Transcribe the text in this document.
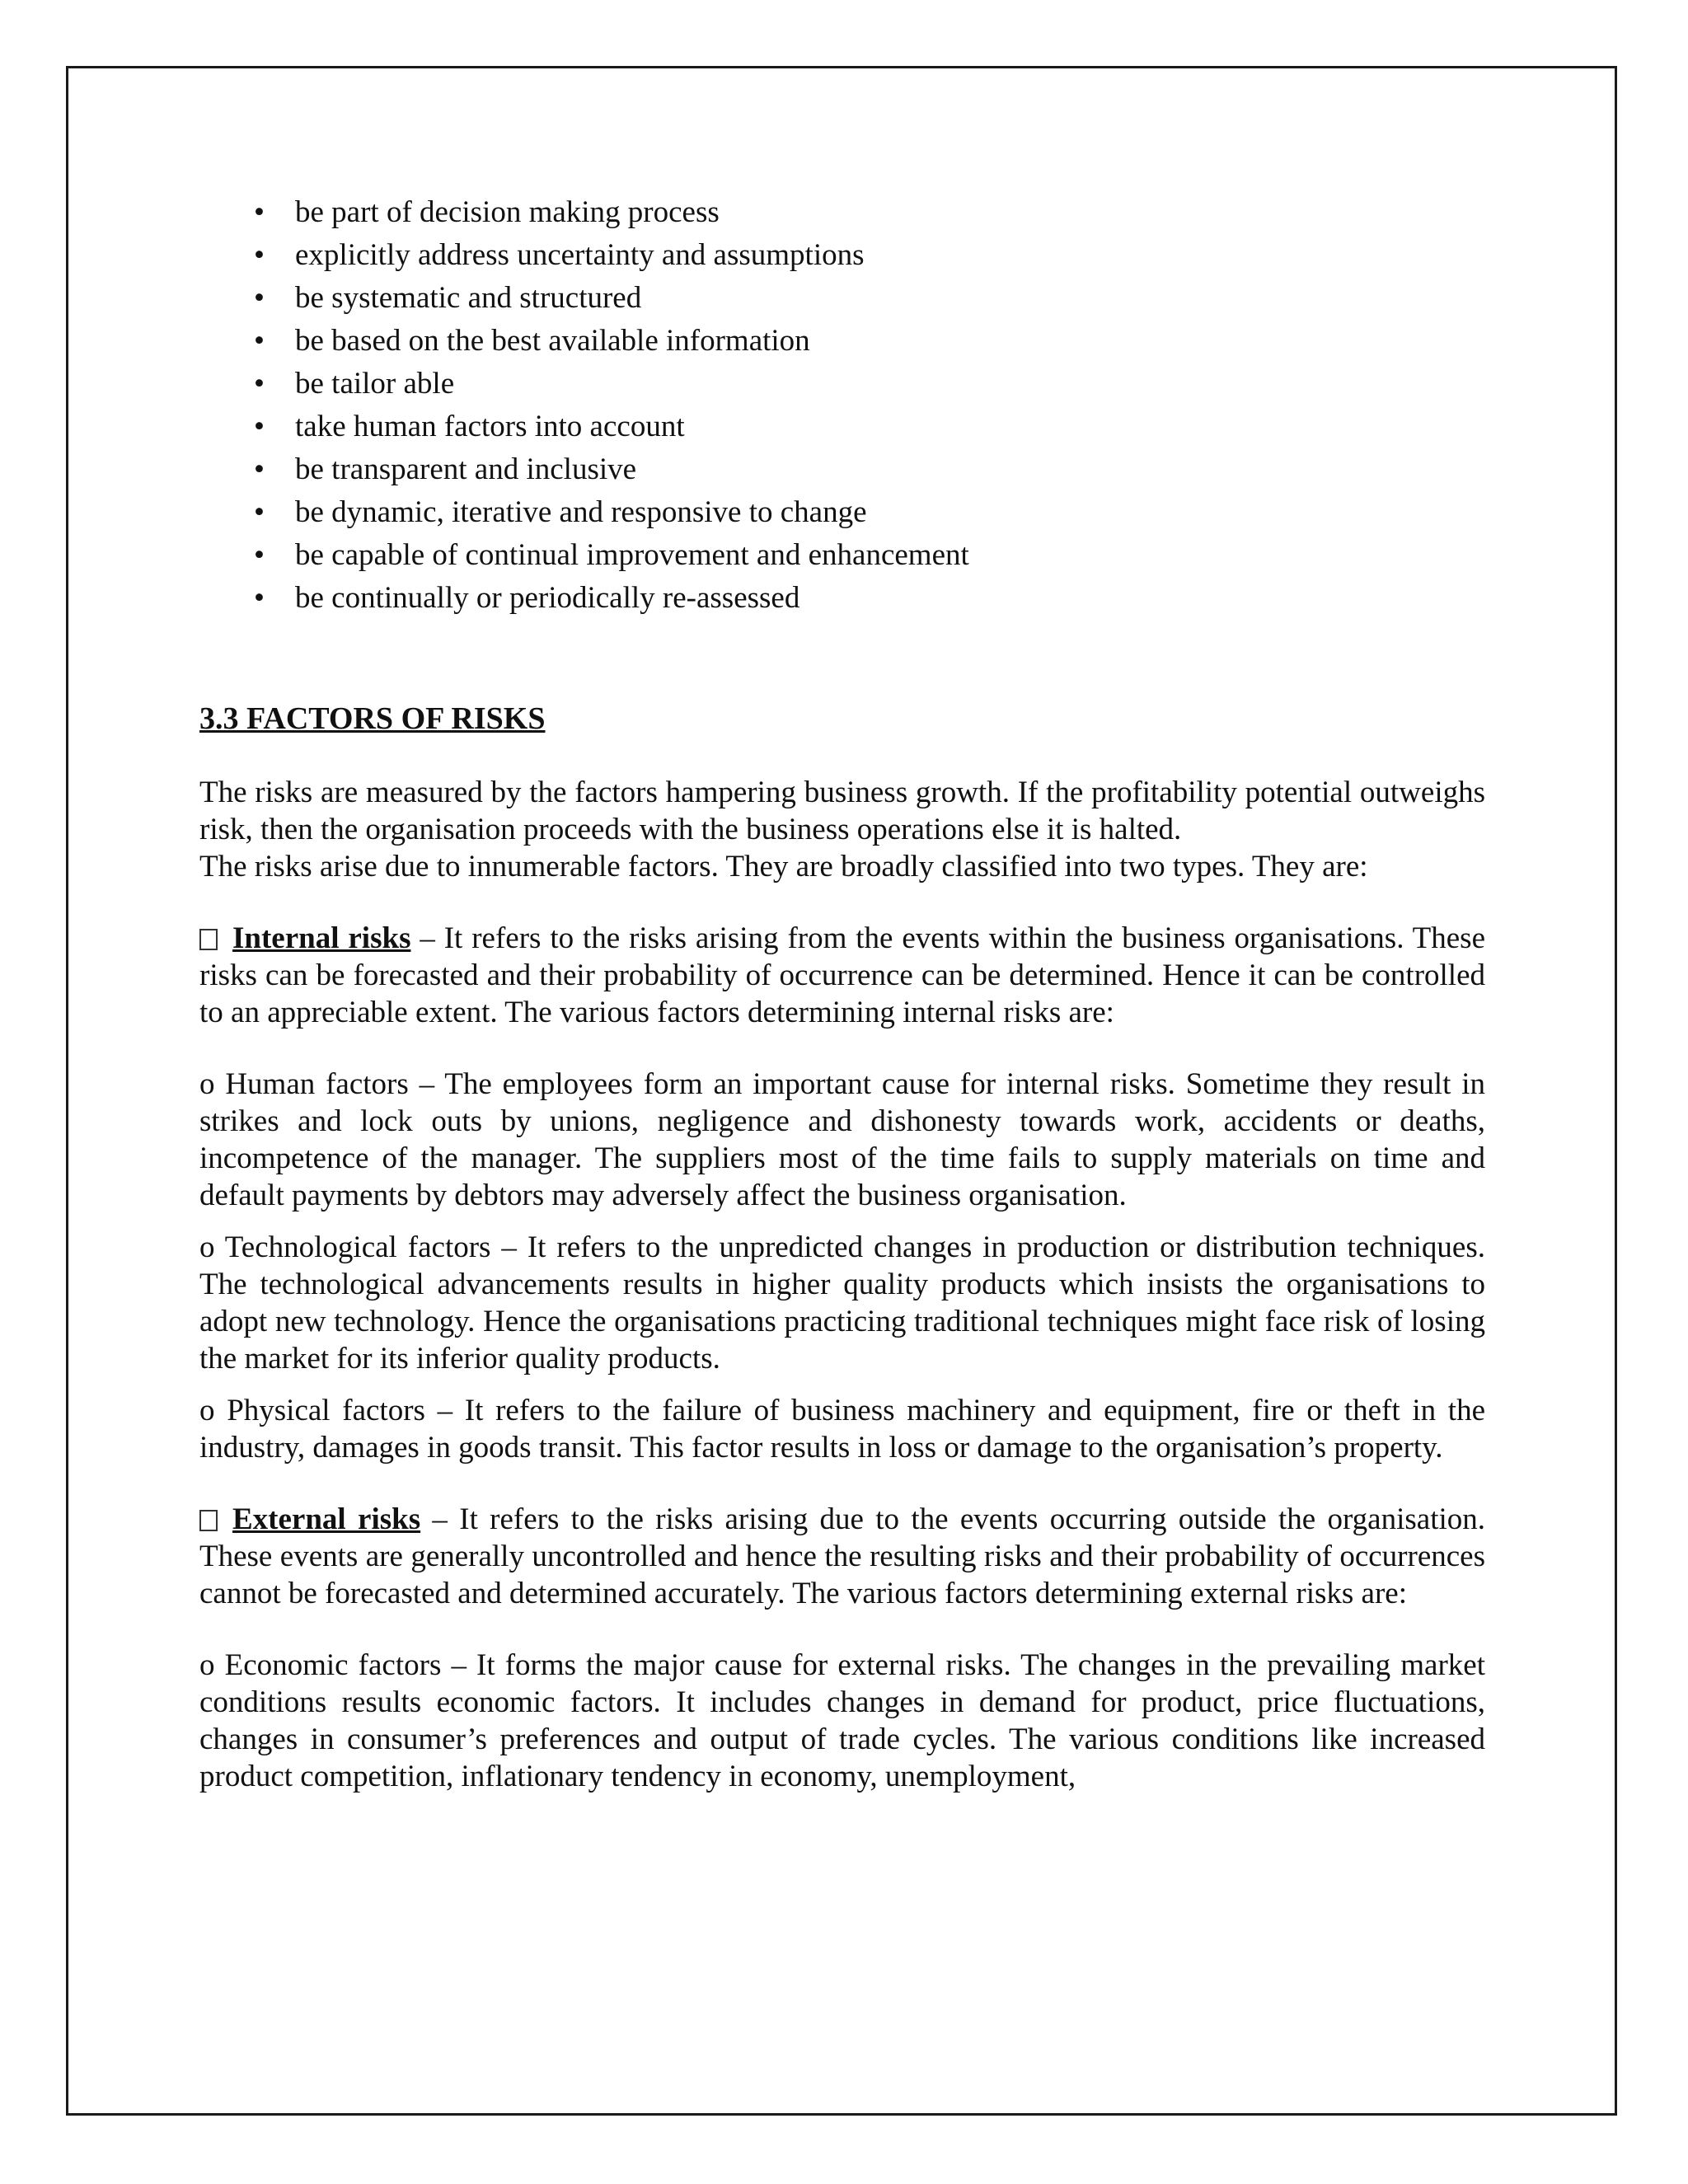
• be part of decision making process
• explicitly address uncertainty and assumptions
• be systematic and structured
• be based on the best available information
• be tailor able
• take human factors into account
• be transparent and inclusive
• be dynamic, iterative and responsive to change
• be capable of continual improvement and enhancement
• be continually or periodically re-assessed
3.3 FACTORS OF RISKS

The risks are measured by the factors hampering business growth. If the profitability potential outweighs risk, then the organisation proceeds with the business operations else it is halted.

The risks arise due to innumerable factors. They are broadly classified into two types. They are:

Internal risks – It refers to the risks arising from the events within the business organisations. These risks can be forecasted and their probability of occurrence can be determined. Hence it can be controlled to an appreciable extent. The various factors determining internal risks are:

o Human factors – The employees form an important cause for internal risks. Sometime they result in strikes and lock outs by unions, negligence and dishonesty towards work, accidents or deaths, incompetence of the manager. The suppliers most of the time fails to supply materials on time and default payments by debtors may adversely affect the business organisation.

o Technological factors – It refers to the unpredicted changes in production or distribution techniques. The technological advancements results in higher quality products which insists the organisations to adopt new technology. Hence the organisations practicing traditional techniques might face risk of losing the market for its inferior quality products.

o Physical factors – It refers to the failure of business machinery and equipment, fire or theft in the industry, damages in goods transit. This factor results in loss or damage to the organisation’s property.

External risks – It refers to the risks arising due to the events occurring outside the organisation. These events are generally uncontrolled and hence the resulting risks and their probability of occurrences cannot be forecasted and determined accurately. The various factors determining external risks are:

o Economic factors – It forms the major cause for external risks. The changes in the prevailing market conditions results economic factors. It includes changes in demand for product, price fluctuations, changes in consumer’s preferences and output of trade cycles. The various conditions like increased product competition, inflationary tendency in economy, unemployment,
